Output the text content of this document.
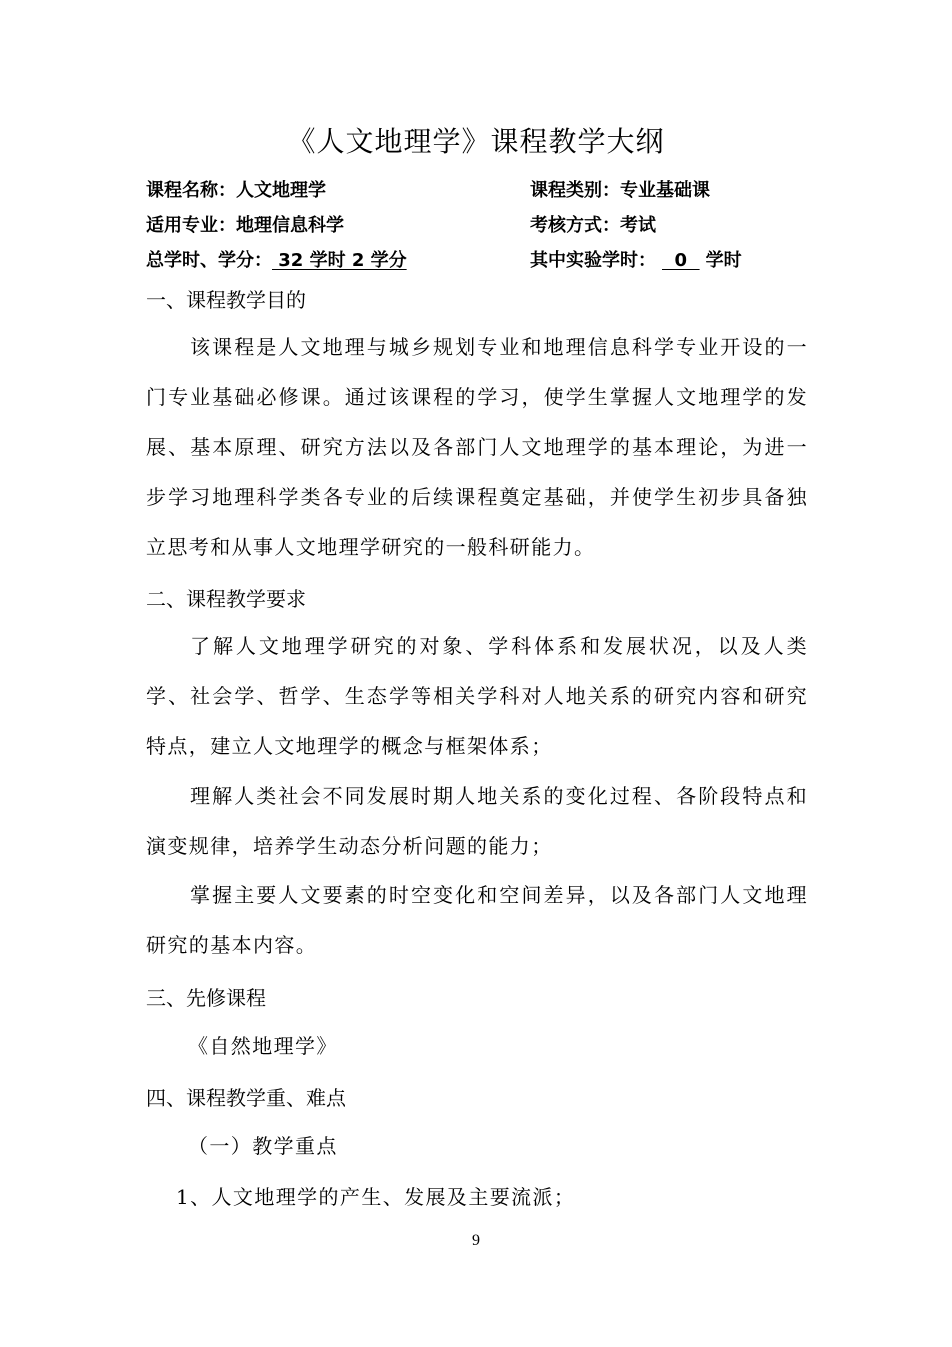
《人文地理学》课程教学大纲
课程名称：人文地理学	课程类别：专业基础课
适用专业：地理信息科学	考核方式：考试
总学时、学分： 32 学时 2 学分	其中实验学时：  0  学时
一、课程教学目的
该课程是人文地理与城乡规划专业和地理信息科学专业开设的一门专业基础必修课。通过该课程的学习，使学生掌握人文地理学的发展、基本原理、研究方法以及各部门人文地理学的基本理论，为进一步学习地理科学类各专业的后续课程奠定基础，并使学生初步具备独立思考和从事人文地理学研究的一般科研能力。
二、课程教学要求
了解人文地理学研究的对象、学科体系和发展状况，以及人类学、社会学、哲学、生态学等相关学科对人地关系的研究内容和研究特点，建立人文地理学的概念与框架体系；
理解人类社会不同发展时期人地关系的变化过程、各阶段特点和演变规律，培养学生动态分析问题的能力；
掌握主要人文要素的时空变化和空间差异，以及各部门人文地理研究的基本内容。
三、先修课程
《自然地理学》
四、课程教学重、难点
（一）教学重点
1、人文地理学的产生、发展及主要流派；
9
